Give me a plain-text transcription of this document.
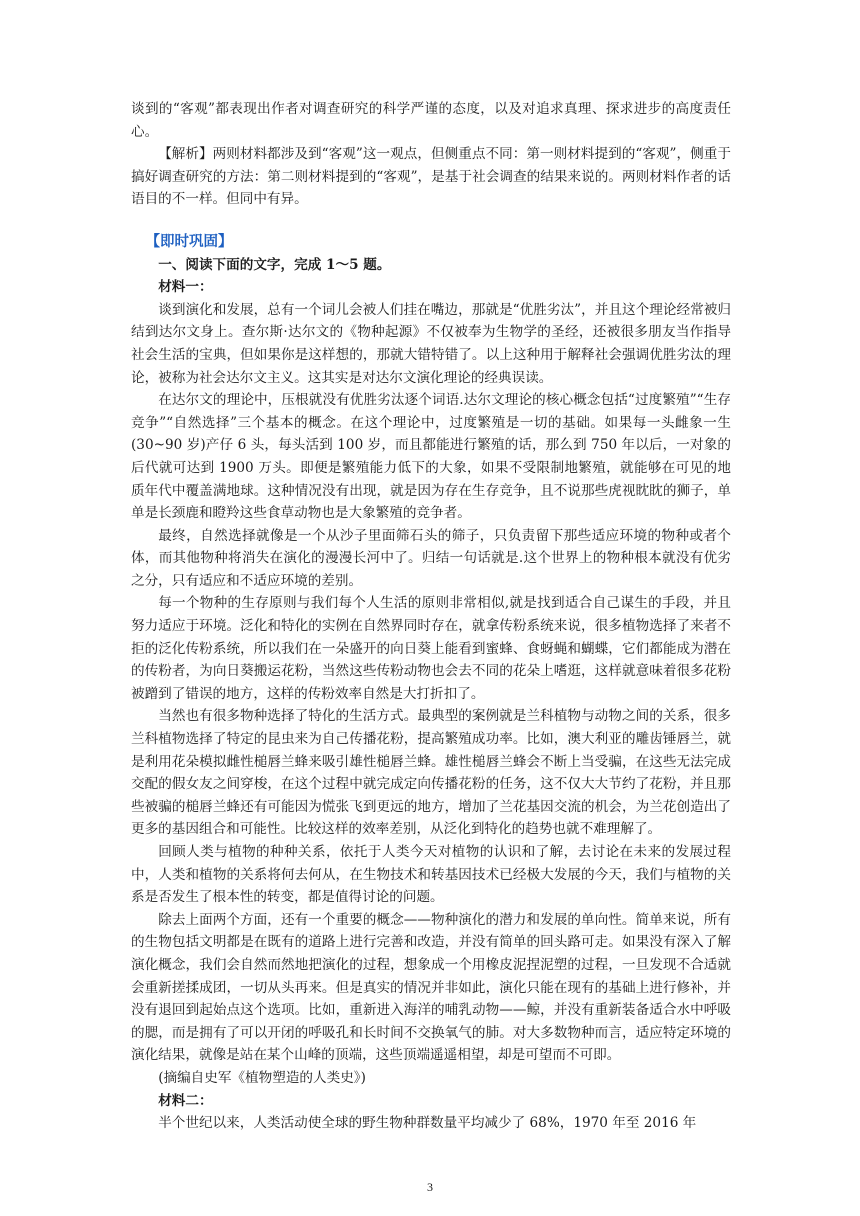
谈到的“客观”都表现出作者对调查研究的科学严谨的态度，以及对追求真理、探求进步的高度责任心。

【解析】两则材料都涉及到“客观”这一观点，但侧重点不同：第一则材料提到的“客观”，侧重于搞好调查研究的方法：第二则材料提到的“客观”，是基于社会调查的结果来说的。两则材料作者的话语目的不一样。但同中有异。

【即时巩固】

一、阅读下面的文字，完成 1～5 题。

材料一：

谈到演化和发展，总有一个词儿会被人们挂在嘴边，那就是“优胜劣汰”，并且这个理论经常被归结到达尔文身上。查尔斯·达尔文的《物种起源》不仅被奉为生物学的圣经，还被很多朋友当作指导社会生活的宝典，但如果你是这样想的，那就大错特错了。以上这种用于解释社会强调优胜劣汰的理论，被称为社会达尔文主义。这其实是对达尔文演化理论的经典误读。

在达尔文的理论中，压根就没有优胜劣汰逐个词语.达尔文理论的核心概念包括“过度繁殖”“生存竞争”“自然选择”三个基本的概念。在这个理论中，过度繁殖是一切的基础。如果每一头雌象一生(30~90 岁)产仔 6 头，每头活到 100 岁，而且都能进行繁殖的话，那么到 750 年以后，一对象的后代就可达到 1900 万头。即便是繁殖能力低下的大象，如果不受限制地繁殖，就能够在可见的地质年代中覆盖满地球。这种情况没有出现，就是因为存在生存竞争，且不说那些虎视眈眈的狮子，单单是长颈鹿和瞪羚这些食草动物也是大象繁殖的竞争者。

最终，自然选择就像是一个从沙子里面筛石头的筛子，只负责留下那些适应环境的物种或者个体，而其他物种将消失在演化的漫漫长河中了。归结一句话就是.这个世界上的物种根本就没有优劣之分，只有适应和不适应环境的差别。

每一个物种的生存原则与我们每个人生活的原则非常相似,就是找到适合自己谋生的手段，并且努力适应于环境。泛化和特化的实例在自然界同时存在，就拿传粉系统来说，很多植物选择了来者不拒的泛化传粉系统，所以我们在一朵盛开的向日葵上能看到蜜蜂、食蚜蝇和蝴蝶，它们都能成为潜在的传粉者，为向日葵搬运花粉，当然这些传粉动物也会去不同的花朵上嗜逛，这样就意味着很多花粉被蹭到了错误的地方，这样的传粉效率自然是大打折扣了。

当然也有很多物种选择了特化的生活方式。最典型的案例就是兰科植物与动物之间的关系，很多兰科植物选择了特定的昆虫来为自己传播花粉，提高繁殖成功率。比如，澳大利亚的雕齿锤唇兰，就是利用花朵模拟雌性槌唇兰蜂来吸引雄性槌唇兰蜂。雄性槌唇兰蜂会不断上当受骗，在这些无法完成交配的假女友之间穿梭，在这个过程中就完成定向传播花粉的任务，这不仅大大节约了花粉，并且那些被骗的槌唇兰蜂还有可能因为慌张飞到更远的地方，增加了兰花基因交流的机会，为兰花创造出了更多的基因组合和可能性。比较这样的效率差别，从泛化到特化的趋势也就不难理解了。

回顾人类与植物的种种关系，依托于人类今天对植物的认识和了解，去讨论在未来的发展过程中，人类和植物的关系将何去何从，在生物技术和转基因技术已经极大发展的今天，我们与植物的关系是否发生了根本性的转变，都是值得讨论的问题。

除去上面两个方面，还有一个重要的概念——物种演化的潜力和发展的单向性。简单来说，所有的生物包括文明都是在既有的道路上进行完善和改造，并没有简单的回头路可走。如果没有深入了解演化概念，我们会自然而然地把演化的过程，想象成一个用橡皮泥捏泥塑的过程，一旦发现不合适就会重新搓揉成团，一切从头再来。但是真实的情况并非如此，演化只能在现有的基础上进行修补，并没有退回到起始点这个选项。比如，重新进入海洋的哺乳动物——鲸，并没有重新装备适合水中呼吸的腮，而是拥有了可以开闭的呼吸孔和长时间不交换氧气的肺。对大多数物种而言，适应特定环境的演化结果，就像是站在某个山峰的顶端，这些顶端遥遥相望，却是可望而不可即。

(摘编自史军《植物塑造的人类史》)

材料二：

半个世纪以来，人类活动使全球的野生物种群数量平均减少了 68%，1970 年至 2016 年

3
